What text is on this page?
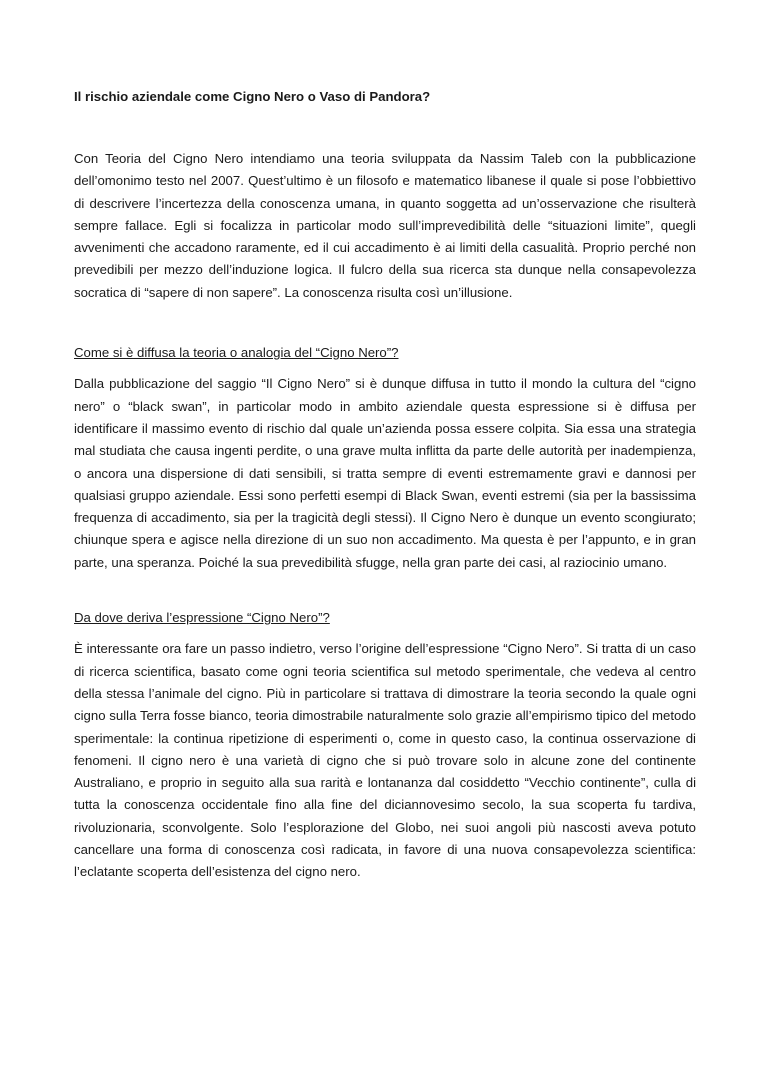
Il rischio aziendale come Cigno Nero o Vaso di Pandora?

Con Teoria del Cigno Nero intendiamo una teoria sviluppata da Nassim Taleb con la pubblicazione dell’omonimo testo nel 2007. Quest’ultimo è un filosofo e matematico libanese il quale si pose l’obbiettivo di descrivere l’incertezza della conoscenza umana, in quanto soggetta ad un’osservazione che risulterà sempre fallace. Egli si focalizza in particolar modo sull’imprevedibilità delle “situazioni limite”, quegli avvenimenti che accadono raramente, ed il cui accadimento è ai limiti della casualità. Proprio perché non prevedibili per mezzo dell’induzione logica. Il fulcro della sua ricerca sta dunque nella consapevolezza socratica di “sapere di non sapere”. La conoscenza risulta così un’illusione.

Come si è diffusa la teoria o analogia del “Cigno Nero”?

Dalla pubblicazione del saggio “Il Cigno Nero” si è dunque diffusa in tutto il mondo la cultura del “cigno nero” o “black swan”, in particolar modo in ambito aziendale questa espressione si è diffusa per identificare il massimo evento di rischio dal quale un’azienda possa essere colpita. Sia essa una strategia mal studiata che causa ingenti perdite, o una grave multa inflitta da parte delle autorità per inadempienza, o ancora una dispersione di dati sensibili, si tratta sempre di eventi estremamente gravi e dannosi per qualsiasi gruppo aziendale. Essi sono perfetti esempi di Black Swan, eventi estremi (sia per la bassissima frequenza di accadimento, sia per la tragicità degli stessi). Il Cigno Nero è dunque un evento scongiurato; chiunque spera e agisce nella direzione di un suo non accadimento. Ma questa è per l’appunto, e in gran parte, una speranza. Poiché la sua prevedibilità sfugge, nella gran parte dei casi, al raziocinio umano.

Da dove deriva l’espressione “Cigno Nero”?

È interessante ora fare un passo indietro, verso l’origine dell’espressione “Cigno Nero”. Si tratta di un caso di ricerca scientifica, basato come ogni teoria scientifica sul metodo sperimentale, che vedeva al centro della stessa l’animale del cigno. Più in particolare si trattava di dimostrare la teoria secondo la quale ogni cigno sulla Terra fosse bianco, teoria dimostrabile naturalmente solo grazie all’empirismo tipico del metodo sperimentale: la continua ripetizione di esperimenti o, come in questo caso, la continua osservazione di fenomeni. Il cigno nero è una varietà di cigno che si può trovare solo in alcune zone del continente Australiano, e proprio in seguito alla sua rarità e lontananza dal cosiddetto “Vecchio continente”, culla di tutta la conoscenza occidentale fino alla fine del diciannovesimo secolo, la sua scoperta fu tardiva, rivoluzionaria, sconvolgente. Solo l’esplorazione del Globo, nei suoi angoli più nascosti aveva potuto cancellare una forma di conoscenza così radicata, in favore di una nuova consapevolezza scientifica: l’eclatante scoperta dell’esistenza del cigno nero.
